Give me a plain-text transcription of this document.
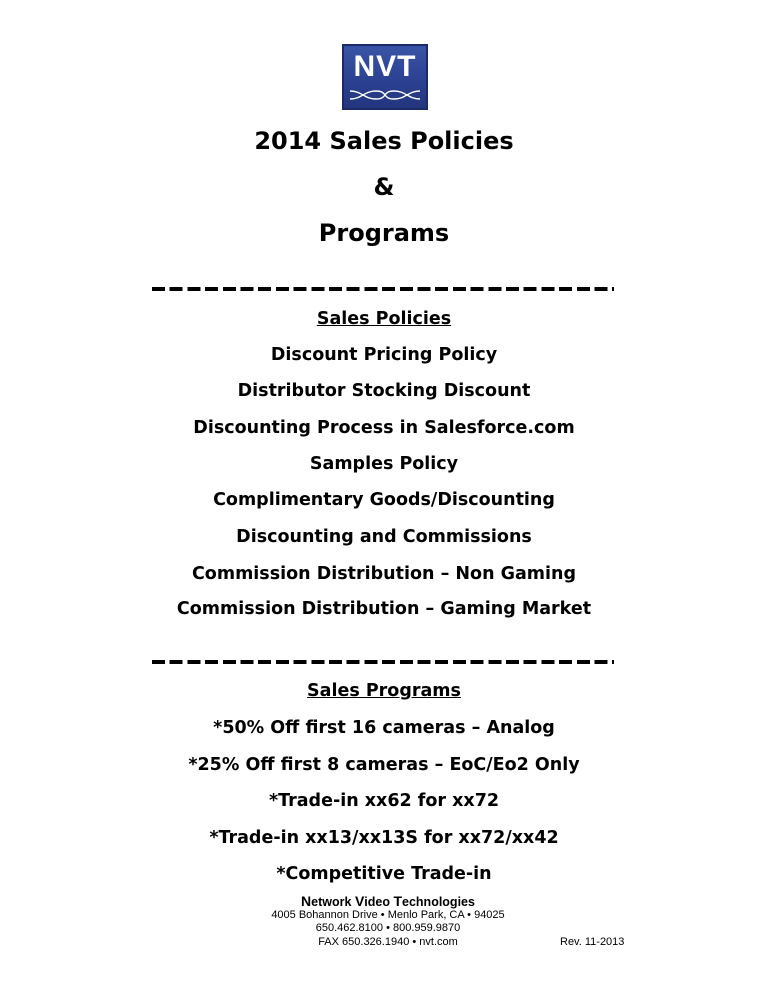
NVT
2014 Sales Policies
&
Programs
Sales Policies
Discount Pricing Policy
Distributor Stocking Discount
Discounting Process in Salesforce.com
Samples Policy
Complimentary Goods/Discounting
Discounting and Commissions
Commission Distribution – Non Gaming
Commission Distribution – Gaming Market
Sales Programs
*50% Off first 16 cameras – Analog
*25% Off first 8 cameras – EoC/Eo2 Only
*Trade-in xx62 for xx72
*Trade-in xx13/xx13S for xx72/xx42
*Competitive Trade-in
Network Video Technologies
4005 Bohannon Drive • Menlo Park, CA • 94025
650.462.8100 • 800.959.9870
FAX 650.326.1940 • nvt.com	Rev. 11-2013
